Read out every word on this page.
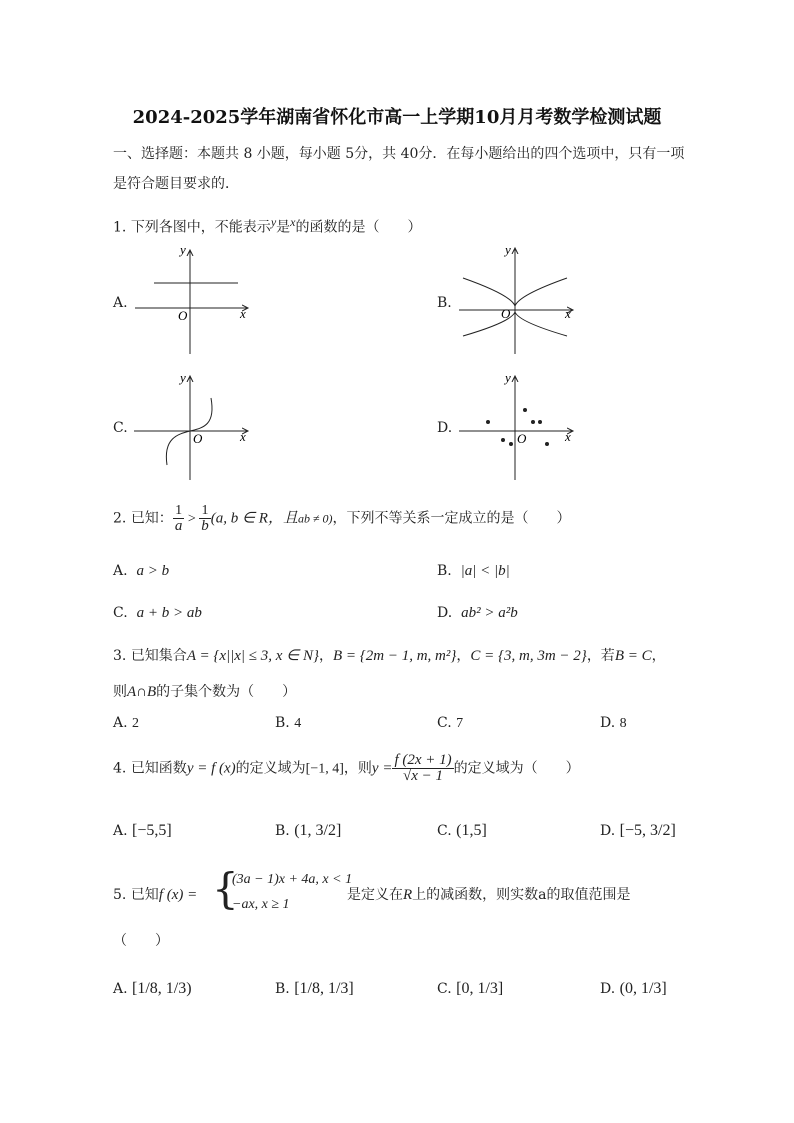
2024-2025学年湖南省怀化市高一上学期10月月考数学检测试题
一、选择题：本题共 8 小题，每小题 5分，共 40分．在每小题给出的四个选项中，只有一项
是符合题目要求的．
1. 下列各图中，不能表示$^y$是$^x$的函数的是（　　）
A.	B.
C.	D.
x
y
O	x
y
O
x
y
O	x
y
O
2. 已知： $\frac{1}{a} > \frac{1}{b} (a$, b ∈ R，且ab ≠ 0)，下列不等关系一定成立的是（　　）
A. a > b	B. |a| < |b|
C. a + b > ab	D. ab² > a²b
3. 已知集合A = {x||x| ≤ 3, x ∈ N}，B = {2m − 1, m, m²}，C = {3, m, 3m − 2}，若B = C，
则A∩B的子集个数为（　　）
A. 2	B. 4	C. 7	D. 8
4. 已知函数y = f (x)的定义域为[−1, 4]，则$y = \frac{f (2x + 1)}{√x - 1}$ 的定义域为（　　）
A. [−5,5]	B. (1, 3/2]	C. (1,5]	D. [−5, 3/2]
5. 已知f (x) = {
(3a − 1)x + 4a, x < 1
−ax, x ≥ 1
是定义在R上的减函数，则实数a的取值范围是
（　　）
A. [1/8, 1/3)	B. [1/8, 1/3]	C. [0, 1/3]	D. (0, 1/3]
